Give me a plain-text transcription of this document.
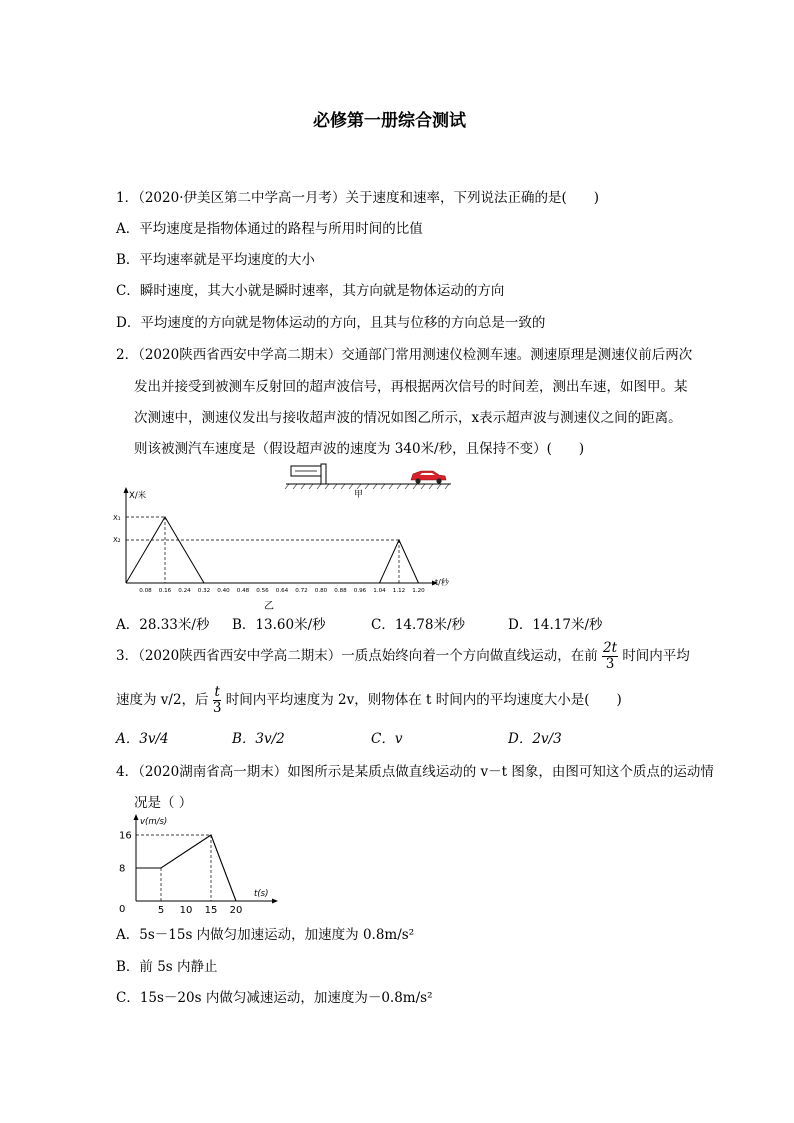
必修第一册综合测试
1．（2020·伊美区第二中学高一月考）关于速度和速率，下列说法正确的是(　　)
A．平均速度是指物体通过的路程与所用时间的比值
B．平均速率就是平均速度的大小
C．瞬时速度，其大小就是瞬时速率，其方向就是物体运动的方向
D．平均速度的方向就是物体运动的方向，且其与位移的方向总是一致的
2．（2020陕西省西安中学高二期末）交通部门常用测速仪检测车速。测速原理是测速仪前后两次
发出并接受到被测车反射回的超声波信号，再根据两次信号的时间差，测出车速，如图甲。某
次测速中，测速仪发出与接收超声波的情况如图乙所示，x表示超声波与测速仪之间的距离。
则该被测汽车速度是（假设超声波的速度为 340米/秒，且保持不变）(　　)
甲
X/米
t/秒
X₁
X₂
0.08 0.16 0.24 0.32 0.40 0.48 0.56 0.64 0.72 0.80 0.88 0.96 1.04 1.12 1.20
乙
A．28.33米/秒 B．13.60米/秒	C．14.78米/秒	D．14.17米/秒
3．（2020陕西省西安中学高二期末）一质点始终向着一个方向做直线运动，在前 $\frac{2t}{3}$ 时间内平均
速度为 v/2，后 $\frac{t}{3}$ 时间内平均速度为 2v，则物体在 t 时间内的平均速度大小是(　　)
A．3v/4	B．3v/2	C．v	D．2v/3
4．（2020湖南省高一期末）如图所示是某质点做直线运动的 v－t 图象，由图可知这个质点的运动情
况是（ ）
v(m/s)
t(s)
0
8
16
5 10 15 20
A．5s－15s 内做匀加速运动，加速度为 0.8m/s²
B．前 5s 内静止
C．15s－20s 内做匀减速运动，加速度为－0.8m/s²
